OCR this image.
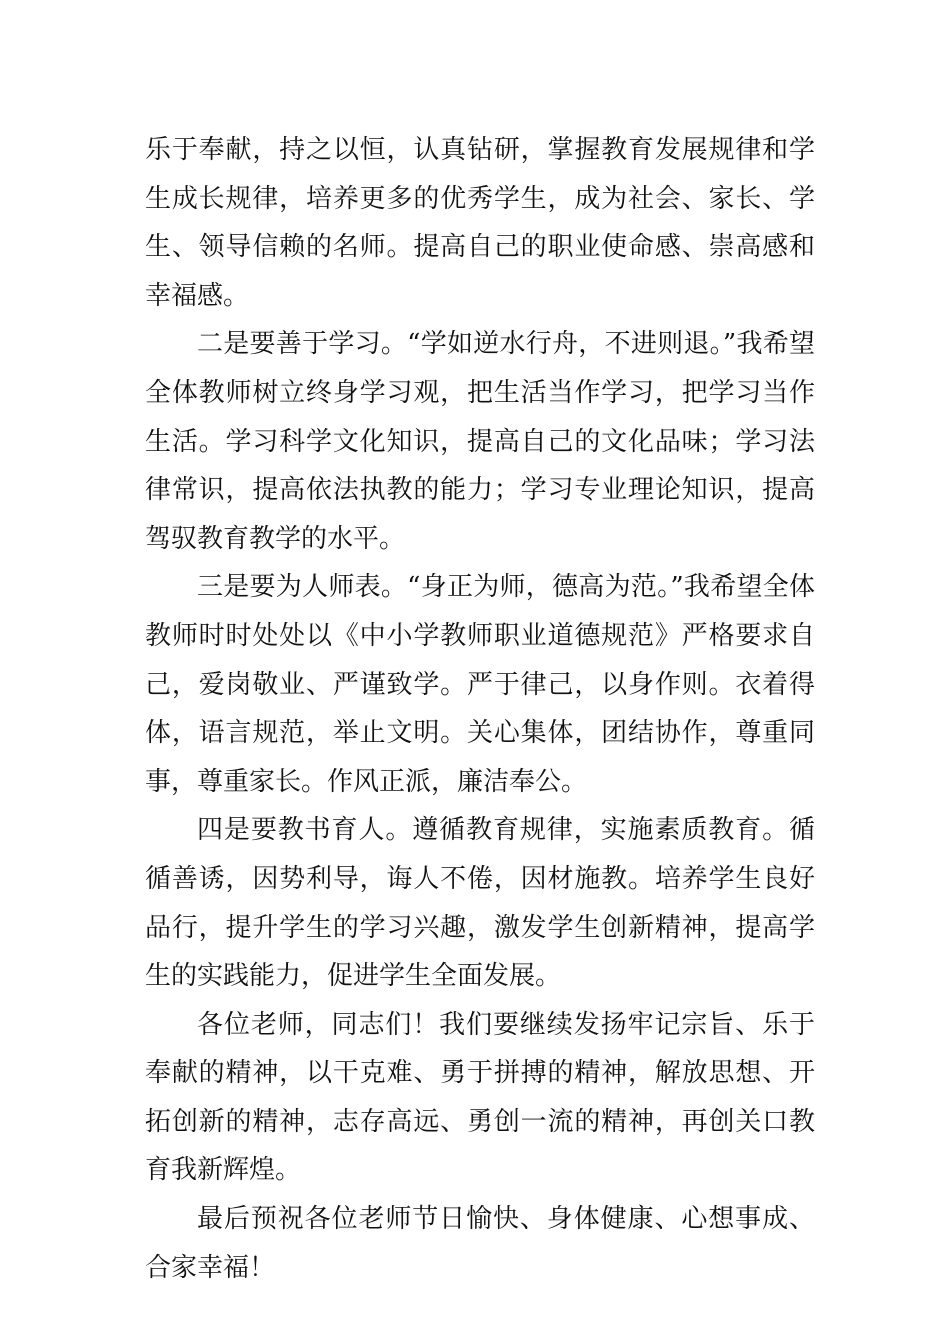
乐于奉献，持之以恒，认真钻研，掌握教育发展规律和学生成长规律，培养更多的优秀学生，成为社会、家长、学生、领导信赖的名师。提高自己的职业使命感、崇高感和幸福感。

二是要善于学习。“学如逆水行舟，不进则退。”我希望全体教师树立终身学习观，把生活当作学习，把学习当作生活。学习科学文化知识，提高自己的文化品味；学习法律常识，提高依法执教的能力；学习专业理论知识，提高驾驭教育教学的水平。

三是要为人师表。“身正为师，德高为范。”我希望全体教师时时处处以《中小学教师职业道德规范》严格要求自己，爱岗敬业、严谨致学。严于律己，以身作则。衣着得体，语言规范，举止文明。关心集体，团结协作，尊重同事，尊重家长。作风正派，廉洁奉公。

四是要教书育人。遵循教育规律，实施素质教育。循循善诱，因势利导，诲人不倦，因材施教。培养学生良好品行，提升学生的学习兴趣，激发学生创新精神，提高学生的实践能力，促进学生全面发展。

各位老师，同志们！我们要继续发扬牢记宗旨、乐于奉献的精神，以干克难、勇于拼搏的精神，解放思想、开拓创新的精神，志存高远、勇创一流的精神，再创关口教育我新辉煌。

最后预祝各位老师节日愉快、身体健康、心想事成、合家幸福！
